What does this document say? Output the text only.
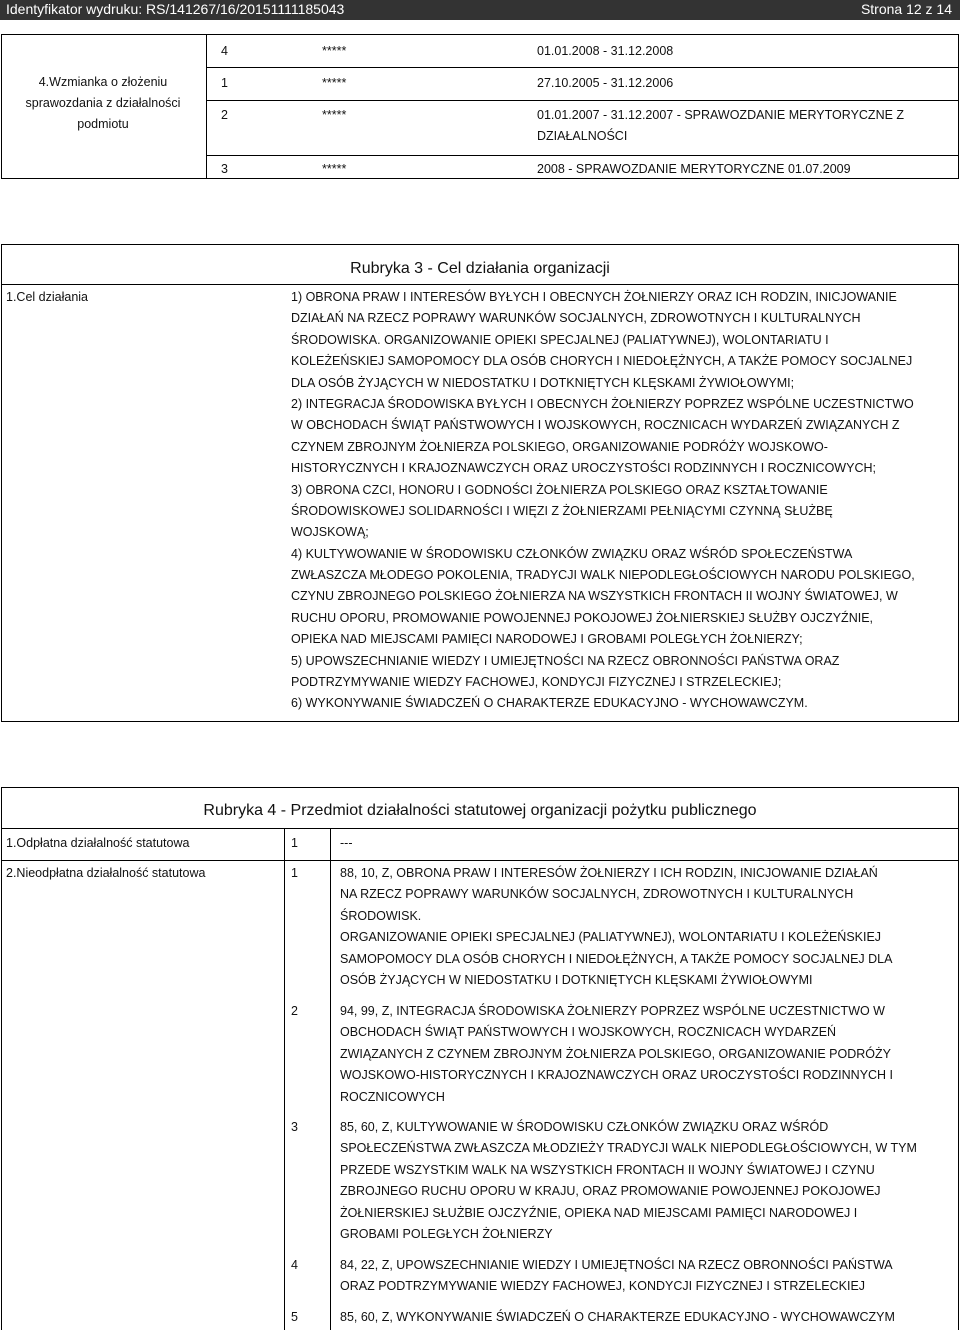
Identyfikator wydruku: RS/141267/16/20151111185043	Strona 12 z 14
4.Wzmianka o złożeniu
sprawozdania z działalności
podmiotu
4	*****	01.01.2008 - 31.12.2008
1	*****	27.10.2005 - 31.12.2006
2	*****	01.01.2007 - 31.12.2007 - SPRAWOZDANIE MERYTORYCZNE Z
DZIAŁALNOŚCI
3	*****	2008 - SPRAWOZDANIE MERYTORYCZNE 01.07.2009
Rubryka 3 - Cel działania organizacji
1.Cel działania	1) OBRONA PRAW I INTERESÓW BYŁYCH I OBECNYCH ŻOŁNIERZY ORAZ ICH RODZIN, INICJOWANIE
DZIAŁAŃ NA RZECZ POPRAWY WARUNKÓW SOCJALNYCH, ZDROWOTNYCH I KULTURALNYCH
ŚRODOWISKA. ORGANIZOWANIE OPIEKI SPECJALNEJ (PALIATYWNEJ), WOLONTARIATU I
KOLEŻEŃSKIEJ SAMOPOMOCY DLA OSÓB CHORYCH I NIEDOŁĘŻNYCH, A TAKŻE POMOCY SOCJALNEJ
DLA OSÓB ŻYJĄCYCH W NIEDOSTATKU I DOTKNIĘTYCH KLĘSKAMI ŻYWIOŁOWYMI;
2) INTEGRACJA ŚRODOWISKA BYŁYCH I OBECNYCH ŻOŁNIERZY POPRZEZ WSPÓLNE UCZESTNICTWO
W OBCHODACH ŚWIĄT PAŃSTWOWYCH I WOJSKOWYCH, ROCZNICACH WYDARZEŃ ZWIĄZANYCH Z
CZYNEM ZBROJNYM ŻOŁNIERZA POLSKIEGO, ORGANIZOWANIE PODRÓŻY WOJSKOWO-
HISTORYCZNYCH I KRAJOZNAWCZYCH ORAZ UROCZYSTOŚCI RODZINNYCH I ROCZNICOWYCH;
3) OBRONA CZCI, HONORU I GODNOŚCI ŻOŁNIERZA POLSKIEGO ORAZ KSZTAŁTOWANIE
ŚRODOWISKOWEJ SOLIDARNOŚCI I WIĘZI Z ŻOŁNIERZAMI PEŁNIĄCYMI CZYNNĄ SŁUŻBĘ
WOJSKOWĄ;
4) KULTYWOWANIE W ŚRODOWISKU CZŁONKÓW ZWIĄZKU ORAZ WŚRÓD SPOŁECZEŃSTWA
ZWŁASZCZA MŁODEGO POKOLENIA, TRADYCJI WALK NIEPODLEGŁOŚCIOWYCH NARODU POLSKIEGO,
CZYNU ZBROJNEGO POLSKIEGO ŻOŁNIERZA NA WSZYSTKICH FRONTACH II WOJNY ŚWIATOWEJ, W
RUCHU OPORU, PROMOWANIE POWOJENNEJ POKOJOWEJ ŻOŁNIERSKIEJ SŁUŻBY OJCZYŹNIE,
OPIEKA NAD MIEJSCAMI PAMIĘCI NARODOWEJ I GROBAMI POLEGŁYCH ŻOŁNIERZY;
5) UPOWSZECHNIANIE WIEDZY I UMIEJĘTNOŚCI NA RZECZ OBRONNOŚCI PAŃSTWA ORAZ
PODTRZYMYWANIE WIEDZY FACHOWEJ, KONDYCJI FIZYCZNEJ I STRZELECKIEJ;
6) WYKONYWANIE ŚWIADCZEŃ O CHARAKTERZE EDUKACYJNO - WYCHOWAWCZYM.
Rubryka 4 - Przedmiot działalności statutowej organizacji pożytku publicznego
1.Odpłatna działalność statutowa	1	---
2.Nieodpłatna działalność statutowa	1	88, 10, Z, OBRONA PRAW I INTERESÓW ŻOŁNIERZY I ICH RODZIN, INICJOWANIE DZIAŁAŃ
NA RZECZ POPRAWY WARUNKÓW SOCJALNYCH, ZDROWOTNYCH I KULTURALNYCH
ŚRODOWISK.
ORGANIZOWANIE OPIEKI SPECJALNEJ (PALIATYWNEJ), WOLONTARIATU I KOLEŻEŃSKIEJ
SAMOPOMOCY DLA OSÓB CHORYCH I NIEDOŁĘŻNYCH, A TAKŻE POMOCY SOCJALNEJ DLA
OSÓB ŻYJĄCYCH W NIEDOSTATKU I DOTKNIĘTYCH KLĘSKAMI ŻYWIOŁOWYMI
2	94, 99, Z, INTEGRACJA ŚRODOWISKA ŻOŁNIERZY POPRZEZ WSPÓLNE UCZESTNICTWO W
OBCHODACH ŚWIĄT PAŃSTWOWYCH I WOJSKOWYCH, ROCZNICACH WYDARZEŃ
ZWIĄZANYCH Z CZYNEM ZBROJNYM ŻOŁNIERZA POLSKIEGO, ORGANIZOWANIE PODRÓŻY
WOJSKOWO-HISTORYCZNYCH I KRAJOZNAWCZYCH ORAZ UROCZYSTOŚCI RODZINNYCH I
ROCZNICOWYCH
3	85, 60, Z, KULTYWOWANIE W ŚRODOWISKU CZŁONKÓW ZWIĄZKU ORAZ WŚRÓD
SPOŁECZEŃSTWA ZWŁASZCZA MŁODZIEŻY TRADYCJI WALK NIEPODLEGŁOŚCIOWYCH, W TYM
PRZEDE WSZYSTKIM WALK NA WSZYSTKICH FRONTACH II WOJNY ŚWIATOWEJ I CZYNU
ZBROJNEGO RUCHU OPORU W KRAJU, ORAZ PROMOWANIE POWOJENNEJ POKOJOWEJ
ŻOŁNIERSKIEJ SŁUŻBIE OJCZYŹNIE, OPIEKA NAD MIEJSCAMI PAMIĘCI NARODOWEJ I
GROBAMI POLEGŁYCH ŻOŁNIERZY
4	84, 22, Z, UPOWSZECHNIANIE WIEDZY I UMIEJĘTNOŚCI NA RZECZ OBRONNOŚCI PAŃSTWA
ORAZ PODTRZYMYWANIE WIEDZY FACHOWEJ, KONDYCJI FIZYCZNEJ I STRZELECKIEJ
5	85, 60, Z, WYKONYWANIE ŚWIADCZEŃ O CHARAKTERZE EDUKACYJNO - WYCHOWAWCZYM
